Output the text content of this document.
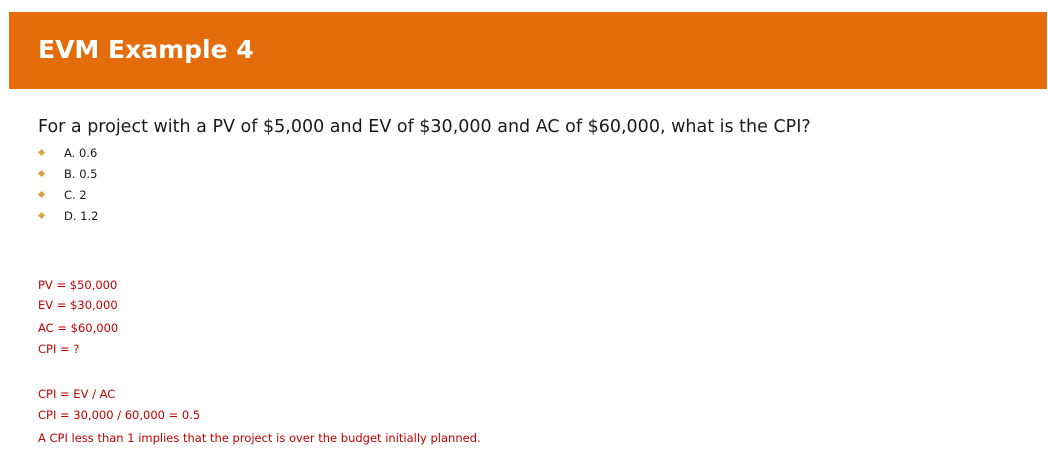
EVM Example 4

For a project with a PV of $5,000 and EV of $30,000 and AC of $60,000, what is the CPI?

A. 0.6
B. 0.5
C. 2
D. 1.2

PV = $50,000

EV = $30,000

AC = $60,000

CPI = ?

CPI = EV / AC

CPI = 30,000 / 60,000 = 0.5

A CPI less than 1 implies that the project is over the budget initially planned.
